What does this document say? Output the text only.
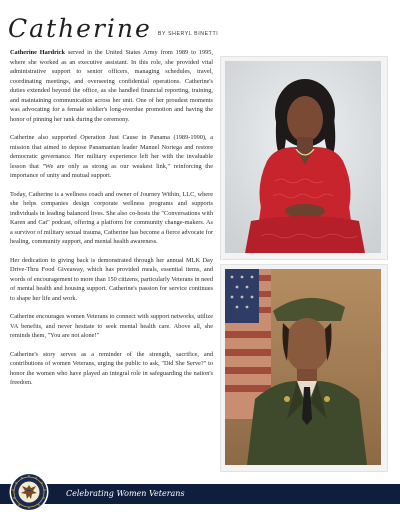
Catherine BY SHERYL BINETTI

Catherine Hardrick served in the United States Army from 1989 to 1995, where she worked as an executive assistant. In this role, she provided vital administrative support to senior officers, managing schedules, travel, coordinating meetings, and overseeing confidential operations. Catherine's duties extended beyond the office, as she handled financial reporting, training, and maintaining communication across her unit. One of her proudest moments was advocating for a female soldier's long-overdue promotion and having the honor of pinning her rank during the ceremony.

Catherine also supported Operation Just Cause in Panama (1989-1990), a mission that aimed to depose Panamanian leader Manuel Noriega and restore democratic governance. Her military experience left her with the invaluable lesson that "We are only as strong as our weakest link," reinforcing the importance of unity and mutual support.

Today, Catherine is a wellness coach and owner of Journey Within, LLC, where she helps companies design corporate wellness programs and supports individuals in leading balanced lives. She also co-hosts the "Conversations with Karen and Cat" podcast, offering a platform for community change-makers. As a survivor of military sexual trauma, Catherine has become a fierce advocate for healing, community support, and mental health awareness.

Her dedication to giving back is demonstrated through her annual MLK Day Drive-Thru Food Giveaway, which has provided meals, essential items, and words of encouragement to more than 150 citizens, particularly Veterans in need of mental health and housing support. Catherine's passion for service continues to shape her life and work.

Catherine encourages women Veterans to connect with support networks, utilize VA benefits, and never hesitate to seek mental health care. Above all, she reminds them, "You are not alone!"

Catherine's story serves as a reminder of the strength, sacrifice, and contributions of women Veterans, urging the public to ask, "Did She Serve?" to honor the women who have played an integral role in safeguarding the nation's freedom.

Celebrating Women Veterans
